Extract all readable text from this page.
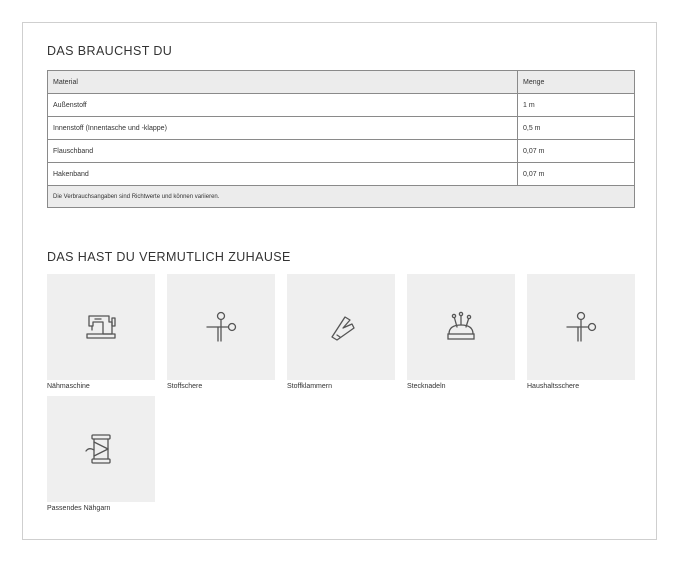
DAS BRAUCHST DU
Material	Menge
Außenstoff	1 m
Innenstoff (Innentasche und -klappe)	0,5 m
Flauschband	0,07 m
Hakenband	0,07 m
Die Verbrauchsangaben sind Richtwerte und können variieren.	
DAS HAST DU VERMUTLICH ZUHAUSE
Nähmaschine	Stoffschere	Stoffklammern	Stecknadeln	Haushaltsschere
Passendes Nähgarn
